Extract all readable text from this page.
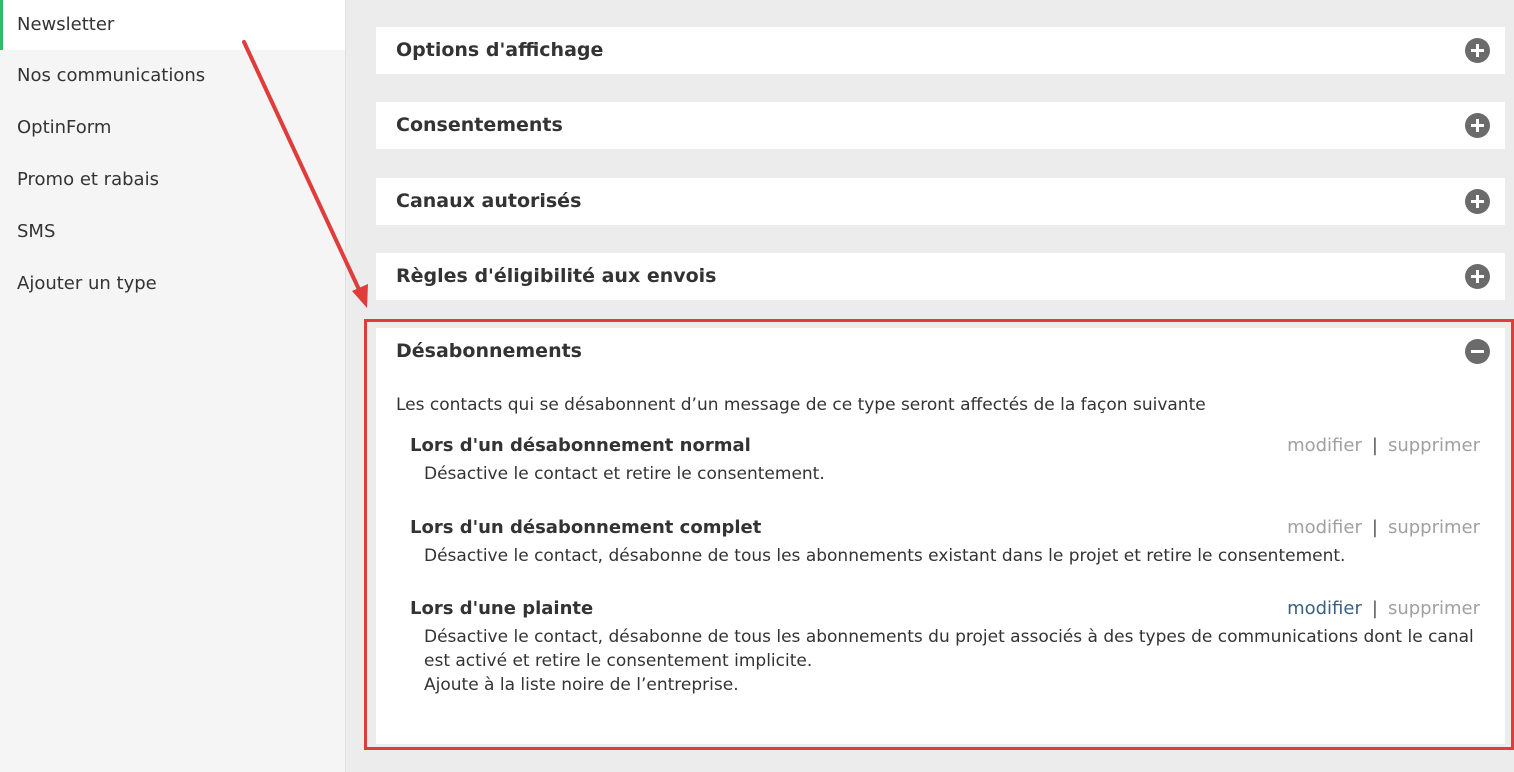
Newsletter
Nos communications
OptinForm
Promo et rabais
SMS
Ajouter un type
Options d'affichage
Consentements
Canaux autorisés
Règles d'éligibilité aux envois
Désabonnements
Les contacts qui se désabonnent d’un message de ce type seront affectés de la façon suivante
Lors d'un désabonnement normal	modifier | supprimer
Désactive le contact et retire le consentement.
Lors d'un désabonnement complet	modifier | supprimer
Désactive le contact, désabonne de tous les abonnements existant dans le projet et retire le consentement.
Lors d'une plainte	modifier | supprimer
Désactive le contact, désabonne de tous les abonnements du projet associés à des types de communications dont le canal
est activé et retire le consentement implicite.
Ajoute à la liste noire de l’entreprise.
